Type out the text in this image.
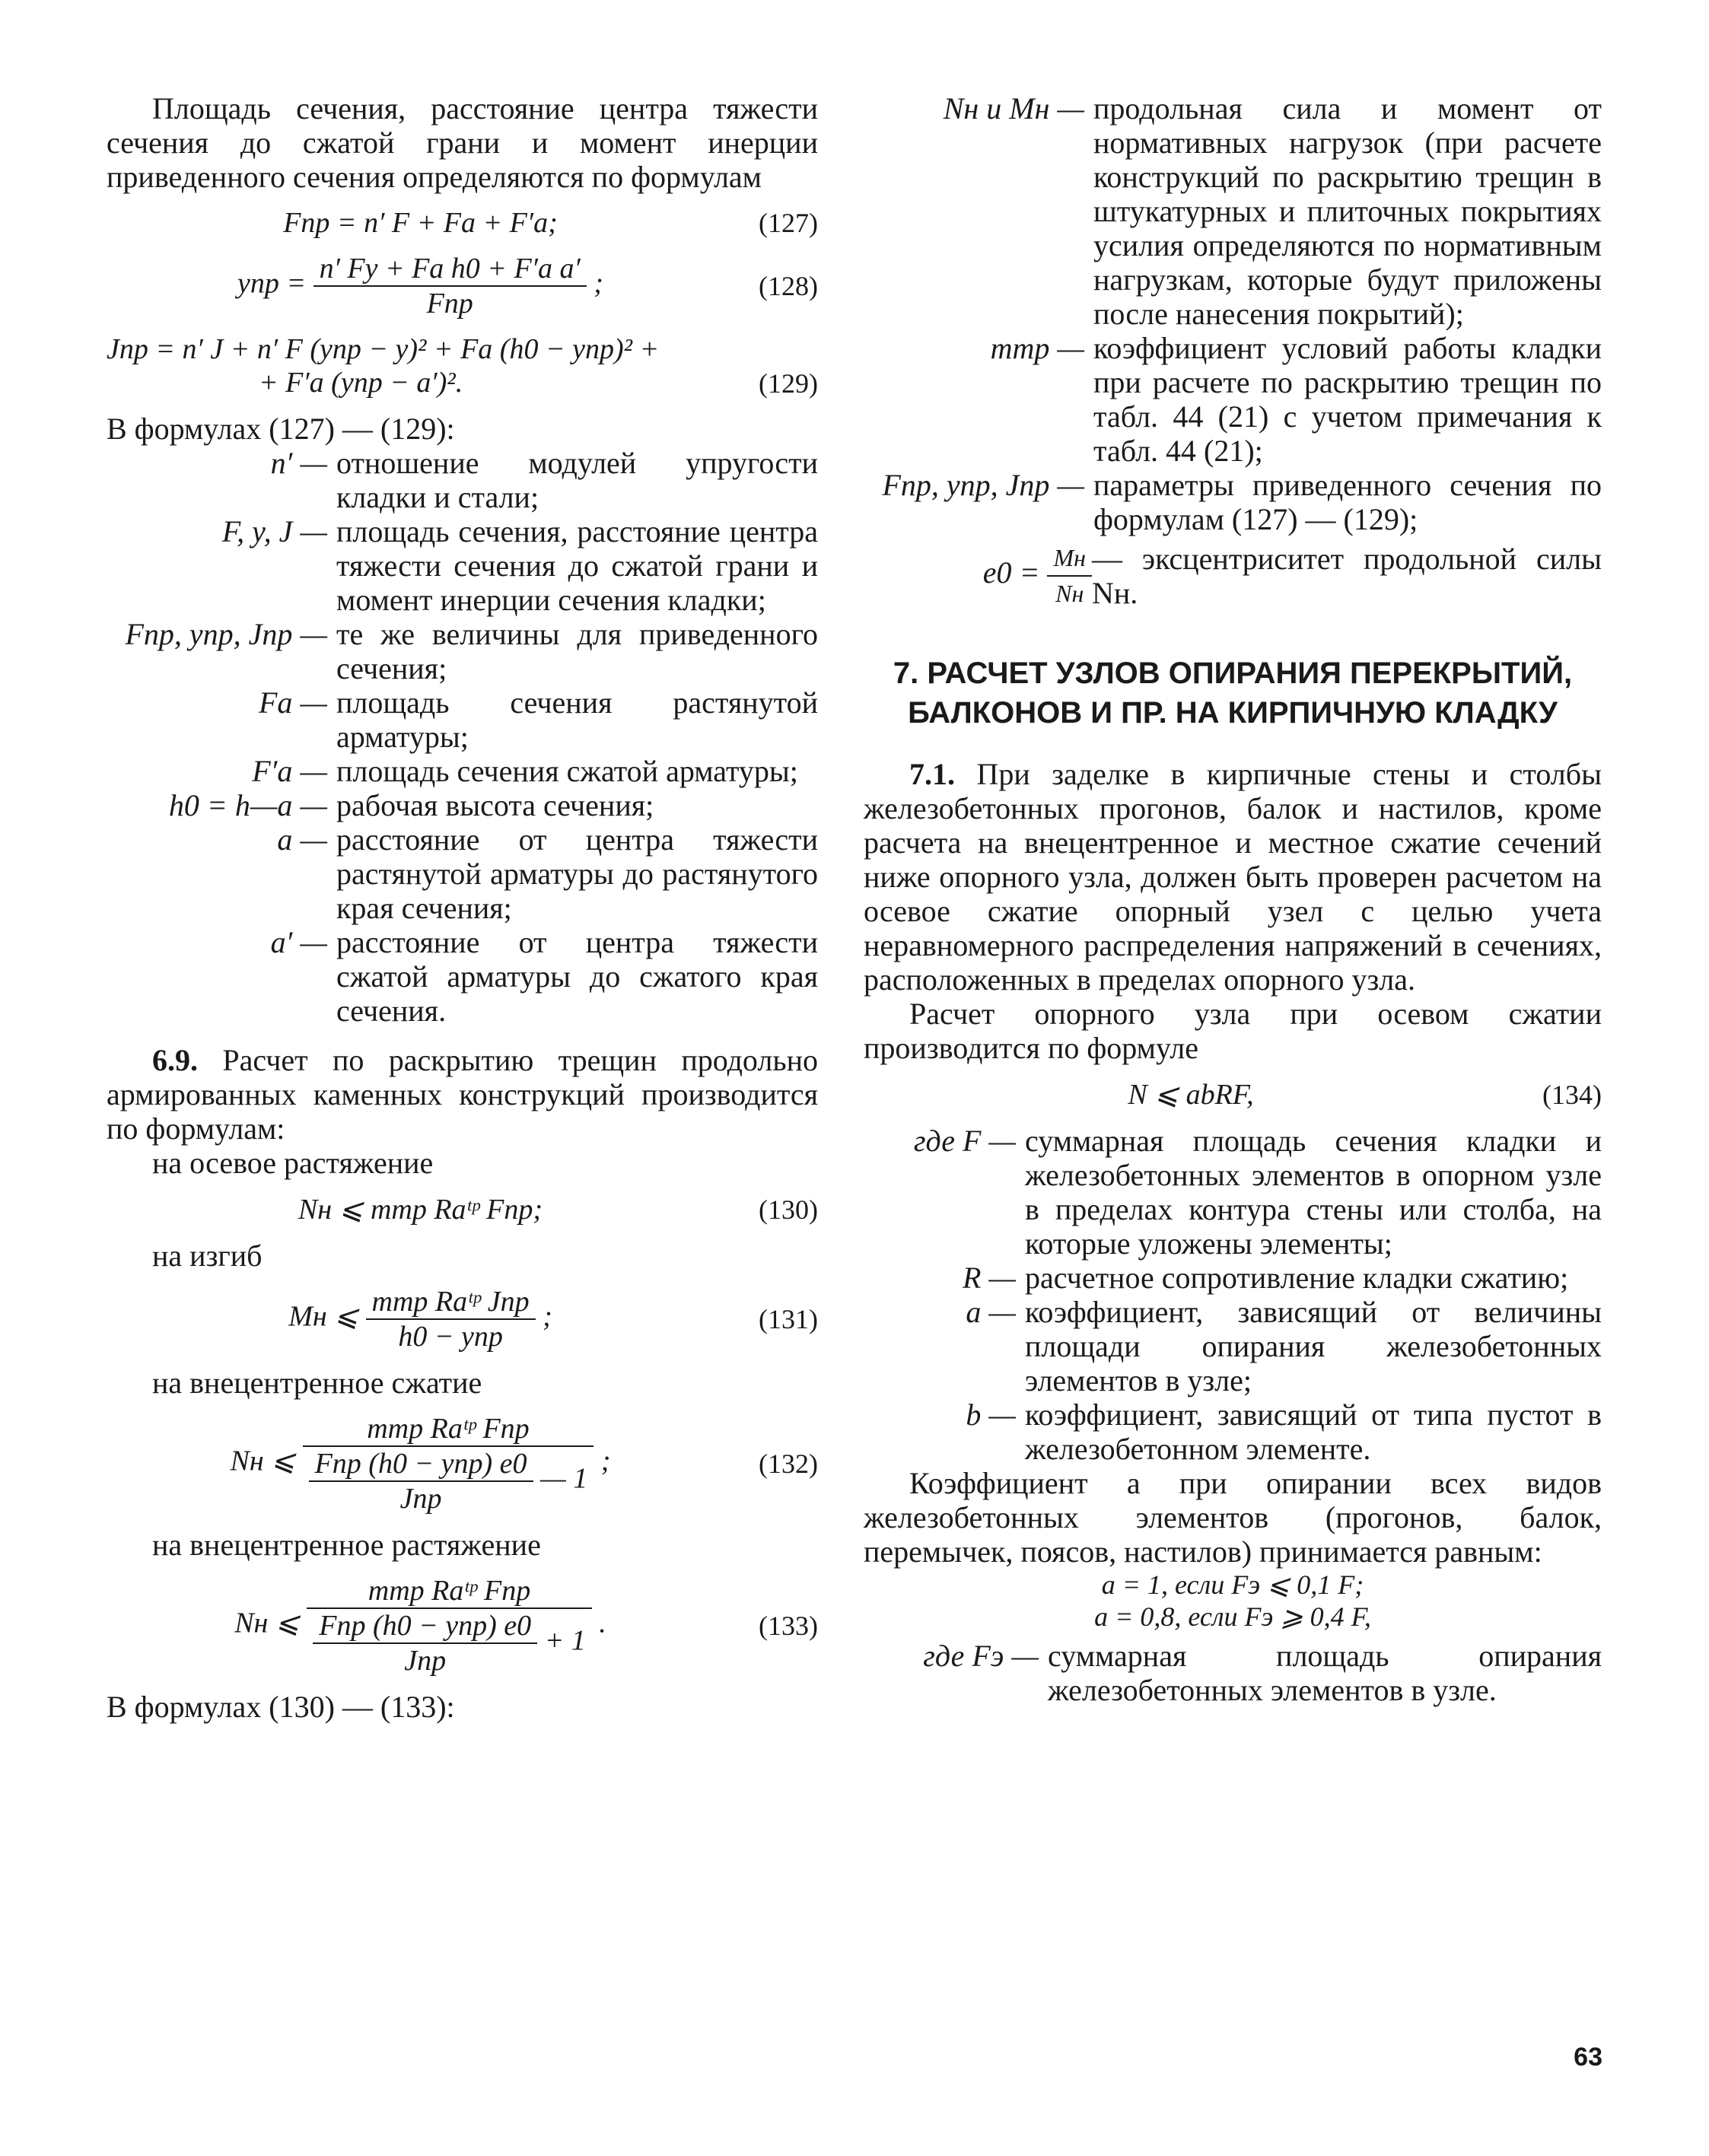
Площадь сечения, расстояние центра тяжести сечения до сжатой грани и момент инерции приведенного сечения определяются по формулам

Fпр = n′ F + Fа + F′а;	(127)
yпр = $\frac{\text{n′ Fy + Fа h0 + F′а a′}}{\text{Fпр}}$ ;	(128)
Jпр = n′ J + n′ F (yпр − y)² + Fа (h0 − yпр)² +
+ F′а (yпр − a′)².	(129)

В формулах (127) — (129):

n′ — отношение модулей упругости кладки и стали;
F, y, J — площадь сечения, расстояние центра тяжести сечения до сжатой грани и момент инерции сечения кладки;
Fпр, yпр, Jпр — те же величины для приведенного сечения;
Fа — площадь сечения растянутой арматуры;
F′а — площадь сечения сжатой арматуры;
h0 = h—a — рабочая высота сечения;
a — расстояние от центра тяжести растянутой арматуры до растянутого края сечения;
a′ — расстояние от центра тяжести сжатой арматуры до сжатого края сечения.

6.9. Расчет по раскрытию трещин продольно армированных каменных конструкций производится по формулам:

на осевое растяжение

Nн ⩽ mтр Rаᵗᵖ Fпр;	(130)

на изгиб

Mн ⩽ $\frac{\text{mтр Rаᵗᵖ Jпр}}{\text{h0 − yпр}}$ ;	(131)

на внецентренное сжатие

Nн ⩽ $\frac{\text{mтр Rаᵗᵖ Fпр}}{\frac{\text{Fпр (h0 − yпр) e0}}{\text{Jпр}} — 1}$ ;	(132)

на внецентренное растяжение

Nн ⩽ $\frac{\text{mтр Rаᵗᵖ Fпр}}{\frac{\text{Fпр (h0 − yпр) e0}}{\text{Jпр}} + 1}$ .	(133)

В формулах (130) — (133):

Nн и Mн — продольная сила и момент от нормативных нагрузок (при расчете конструкций по раскрытию трещин в штукатурных и плиточных покрытиях усилия определяются по нормативным нагрузкам, которые будут приложены после нанесения покрытий);
mтр — коэффициент условий работы кладки при расчете по раскрытию трещин по табл. 44 (21) с учетом примечания к табл. 44 (21);
Fпр, yпр, Jпр — параметры приведенного сечения по формулам (127) — (129);
$e0 = \frac{Mн}{Nн}$ — эксцентриситет продольной силы Nн.
7. РАСЧЕТ УЗЛОВ ОПИРАНИЯ ПЕРЕКРЫТИЙ, БАЛКОНОВ И ПР. НА КИРПИЧНУЮ КЛАДКУ

7.1. При заделке в кирпичные стены и столбы железобетонных прогонов, балок и настилов, кроме расчета на внецентренное и местное сжатие сечений ниже опорного узла, должен быть проверен расчетом на осевое сжатие опорный узел с целью учета неравномерного распределения напряжений в сечениях, расположенных в пределах опорного узла.

Расчет опорного узла при осевом сжатии производится по формуле

N ⩽ abRF,	(134)
где F — суммарная площадь сечения кладки и железобетонных элементов в опорном узле в пределах контура стены или столба, на которые уложены элементы;
R — расчетное сопротивление кладки сжатию;
a — коэффициент, зависящий от величины площади опирания железобетонных элементов в узле;
b — коэффициент, зависящий от типа пустот в железобетонном элементе.

Коэффициент a при опирании всех видов железобетонных элементов (прогонов, балок, перемычек, поясов, настилов) принимается равным:

a = 1, если Fэ ⩽ 0,1 F;
a = 0,8, если Fэ ⩾ 0,4 F,
где Fэ — суммарная площадь опирания железобетонных элементов в узле.
63
